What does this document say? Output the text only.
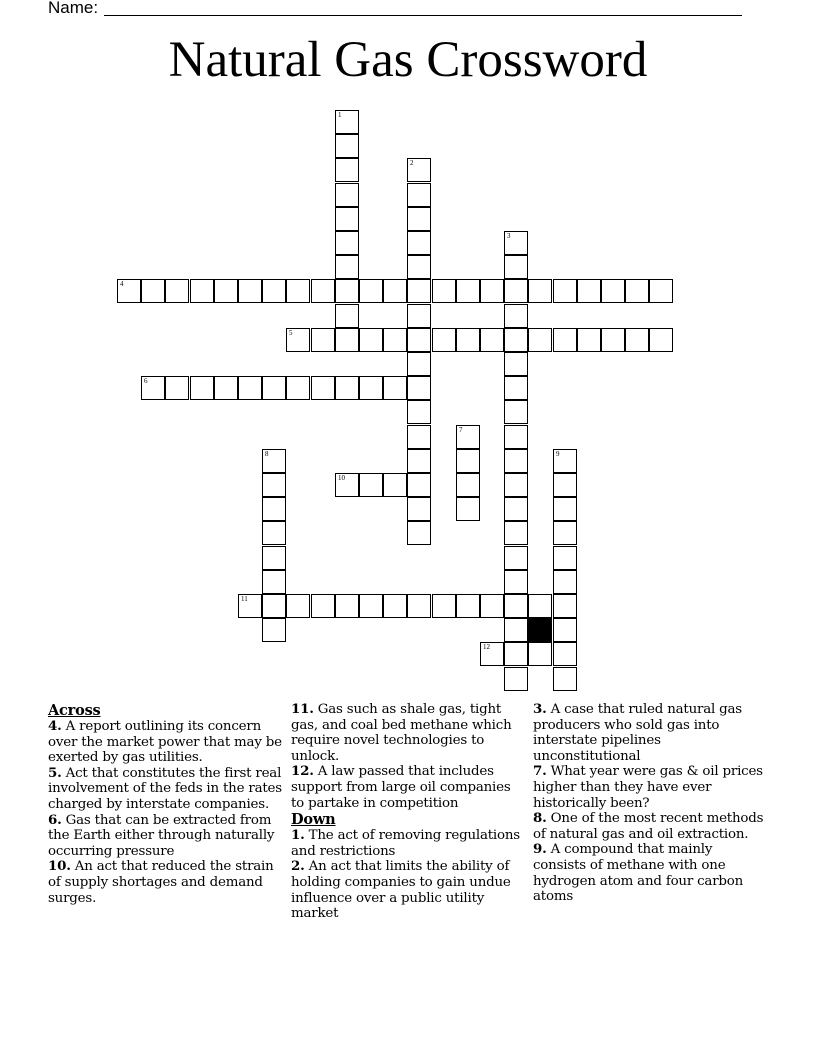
Name:
Natural Gas Crossword
1
2
3
4
5
6
7
8	9
10
11
12
Across

4. A report outlining its concern over the market power that may be exerted by gas utilities.

5. Act that constitutes the first real involvement of the feds in the rates charged by interstate companies.

6. Gas that can be extracted from the Earth either through naturally occurring pressure

10. An act that reduced the strain of supply shortages and demand surges.

11. Gas such as shale gas, tight gas, and coal bed methane which require novel technologies to unlock.

12. A law passed that includes support from large oil companies to partake in competition

Down

1. The act of removing regulations and restrictions

2. An act that limits the ability of holding companies to gain undue influence over a public utility market

3. A case that ruled natural gas producers who sold gas into interstate pipelines unconstitutional

7. What year were gas & oil prices higher than they have ever historically been?

8. One of the most recent methods of natural gas and oil extraction.

9. A compound that mainly consists of methane with one hydrogen atom and four carbon atoms
